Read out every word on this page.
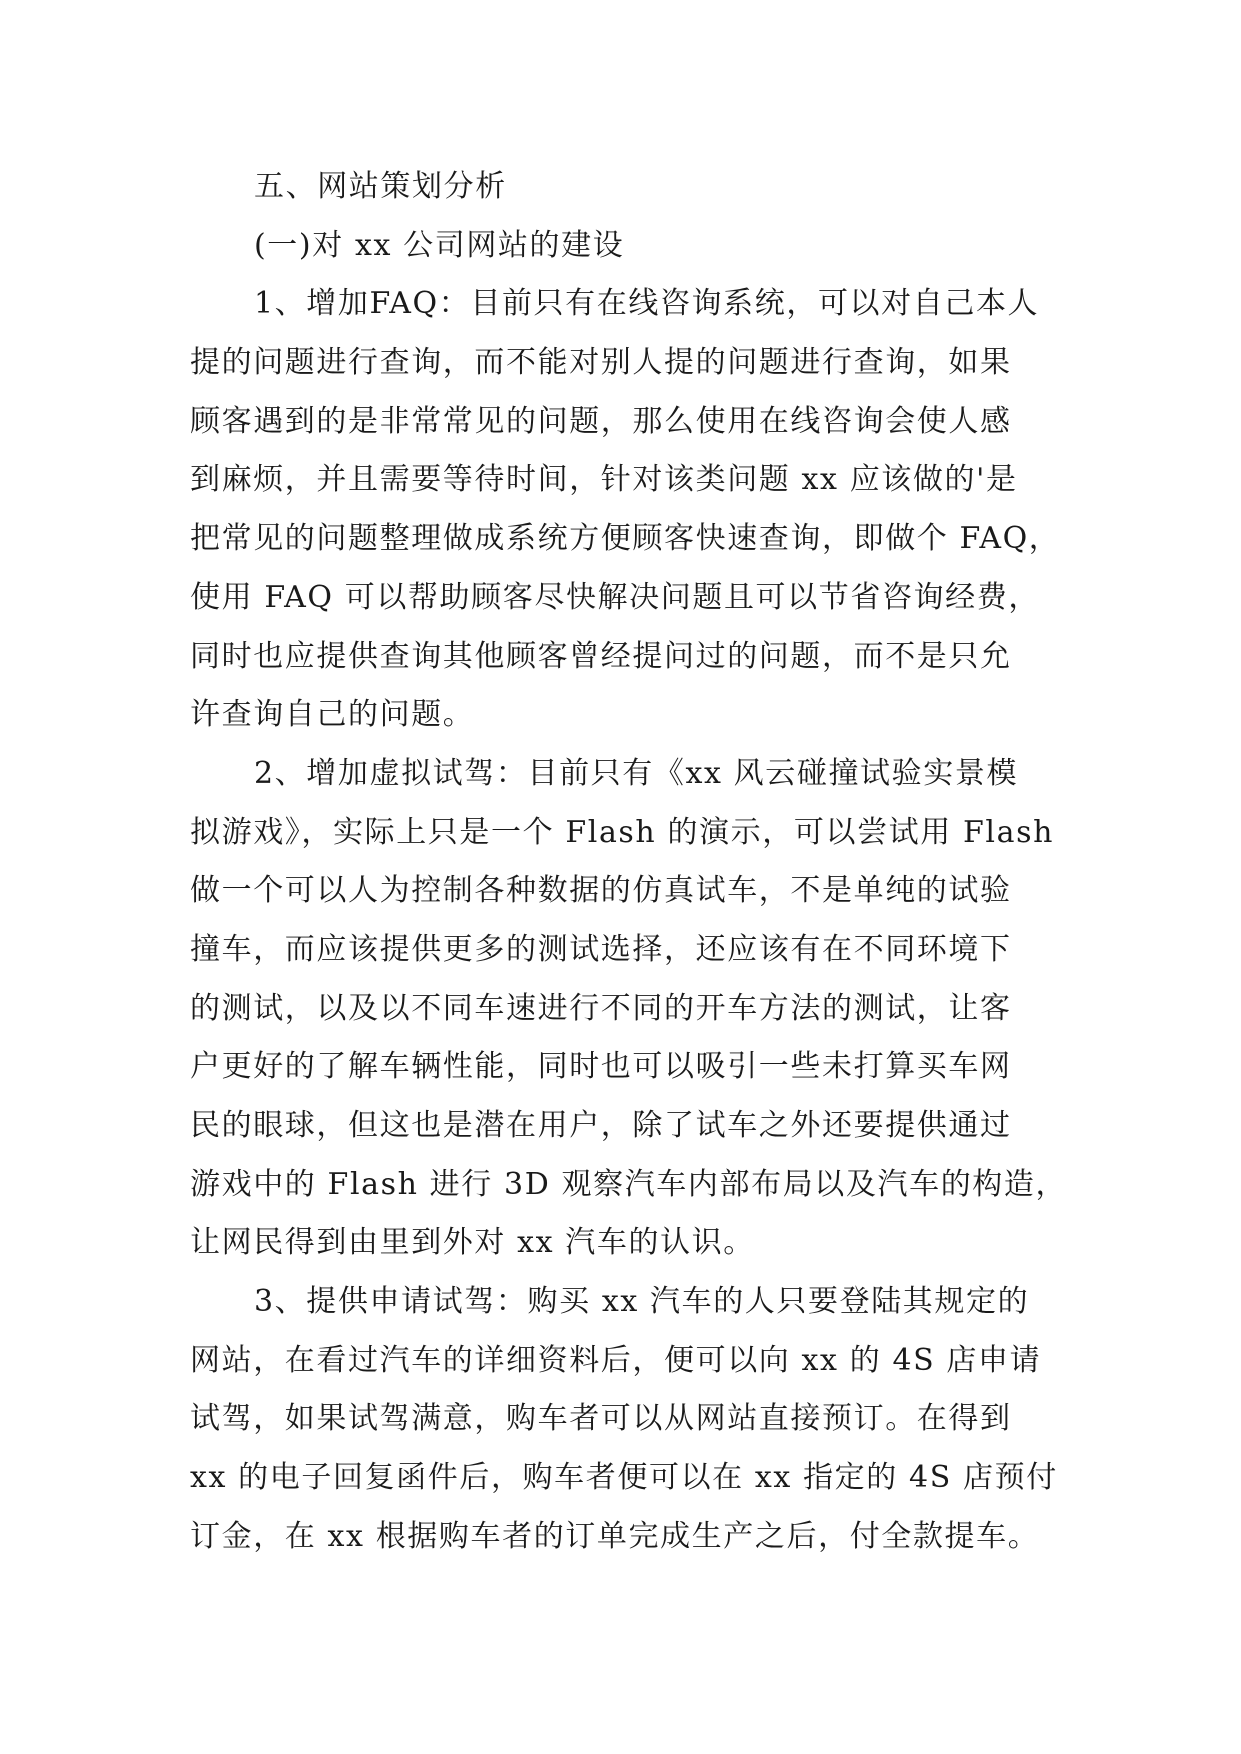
五、网站策划分析
(一)对 xx 公司网站的建设
1、增加FAQ：目前只有在线咨询系统，可以对自己本人
提的问题进行查询，而不能对别人提的问题进行查询，如果
顾客遇到的是非常常见的问题，那么使用在线咨询会使人感
到麻烦，并且需要等待时间，针对该类问题 xx 应该做的'是
把常见的问题整理做成系统方便顾客快速查询，即做个 FAQ，
使用 FAQ 可以帮助顾客尽快解决问题且可以节省咨询经费，
同时也应提供查询其他顾客曾经提问过的问题，而不是只允
许查询自己的问题。
2、增加虚拟试驾：目前只有《xx 风云碰撞试验实景模
拟游戏》，实际上只是一个 Flash 的演示，可以尝试用 Flash
做一个可以人为控制各种数据的仿真试车，不是单纯的试验
撞车，而应该提供更多的测试选择，还应该有在不同环境下
的测试，以及以不同车速进行不同的开车方法的测试，让客
户更好的了解车辆性能，同时也可以吸引一些未打算买车网
民的眼球，但这也是潜在用户，除了试车之外还要提供通过
游戏中的 Flash 进行 3D 观察汽车内部布局以及汽车的构造，
让网民得到由里到外对 xx 汽车的认识。
3、提供申请试驾：购买 xx 汽车的人只要登陆其规定的
网站，在看过汽车的详细资料后，便可以向 xx 的 4S 店申请
试驾，如果试驾满意，购车者可以从网站直接预订。在得到
xx 的电子回复函件后，购车者便可以在 xx 指定的 4S 店预付
订金，在 xx 根据购车者的订单完成生产之后，付全款提车。
